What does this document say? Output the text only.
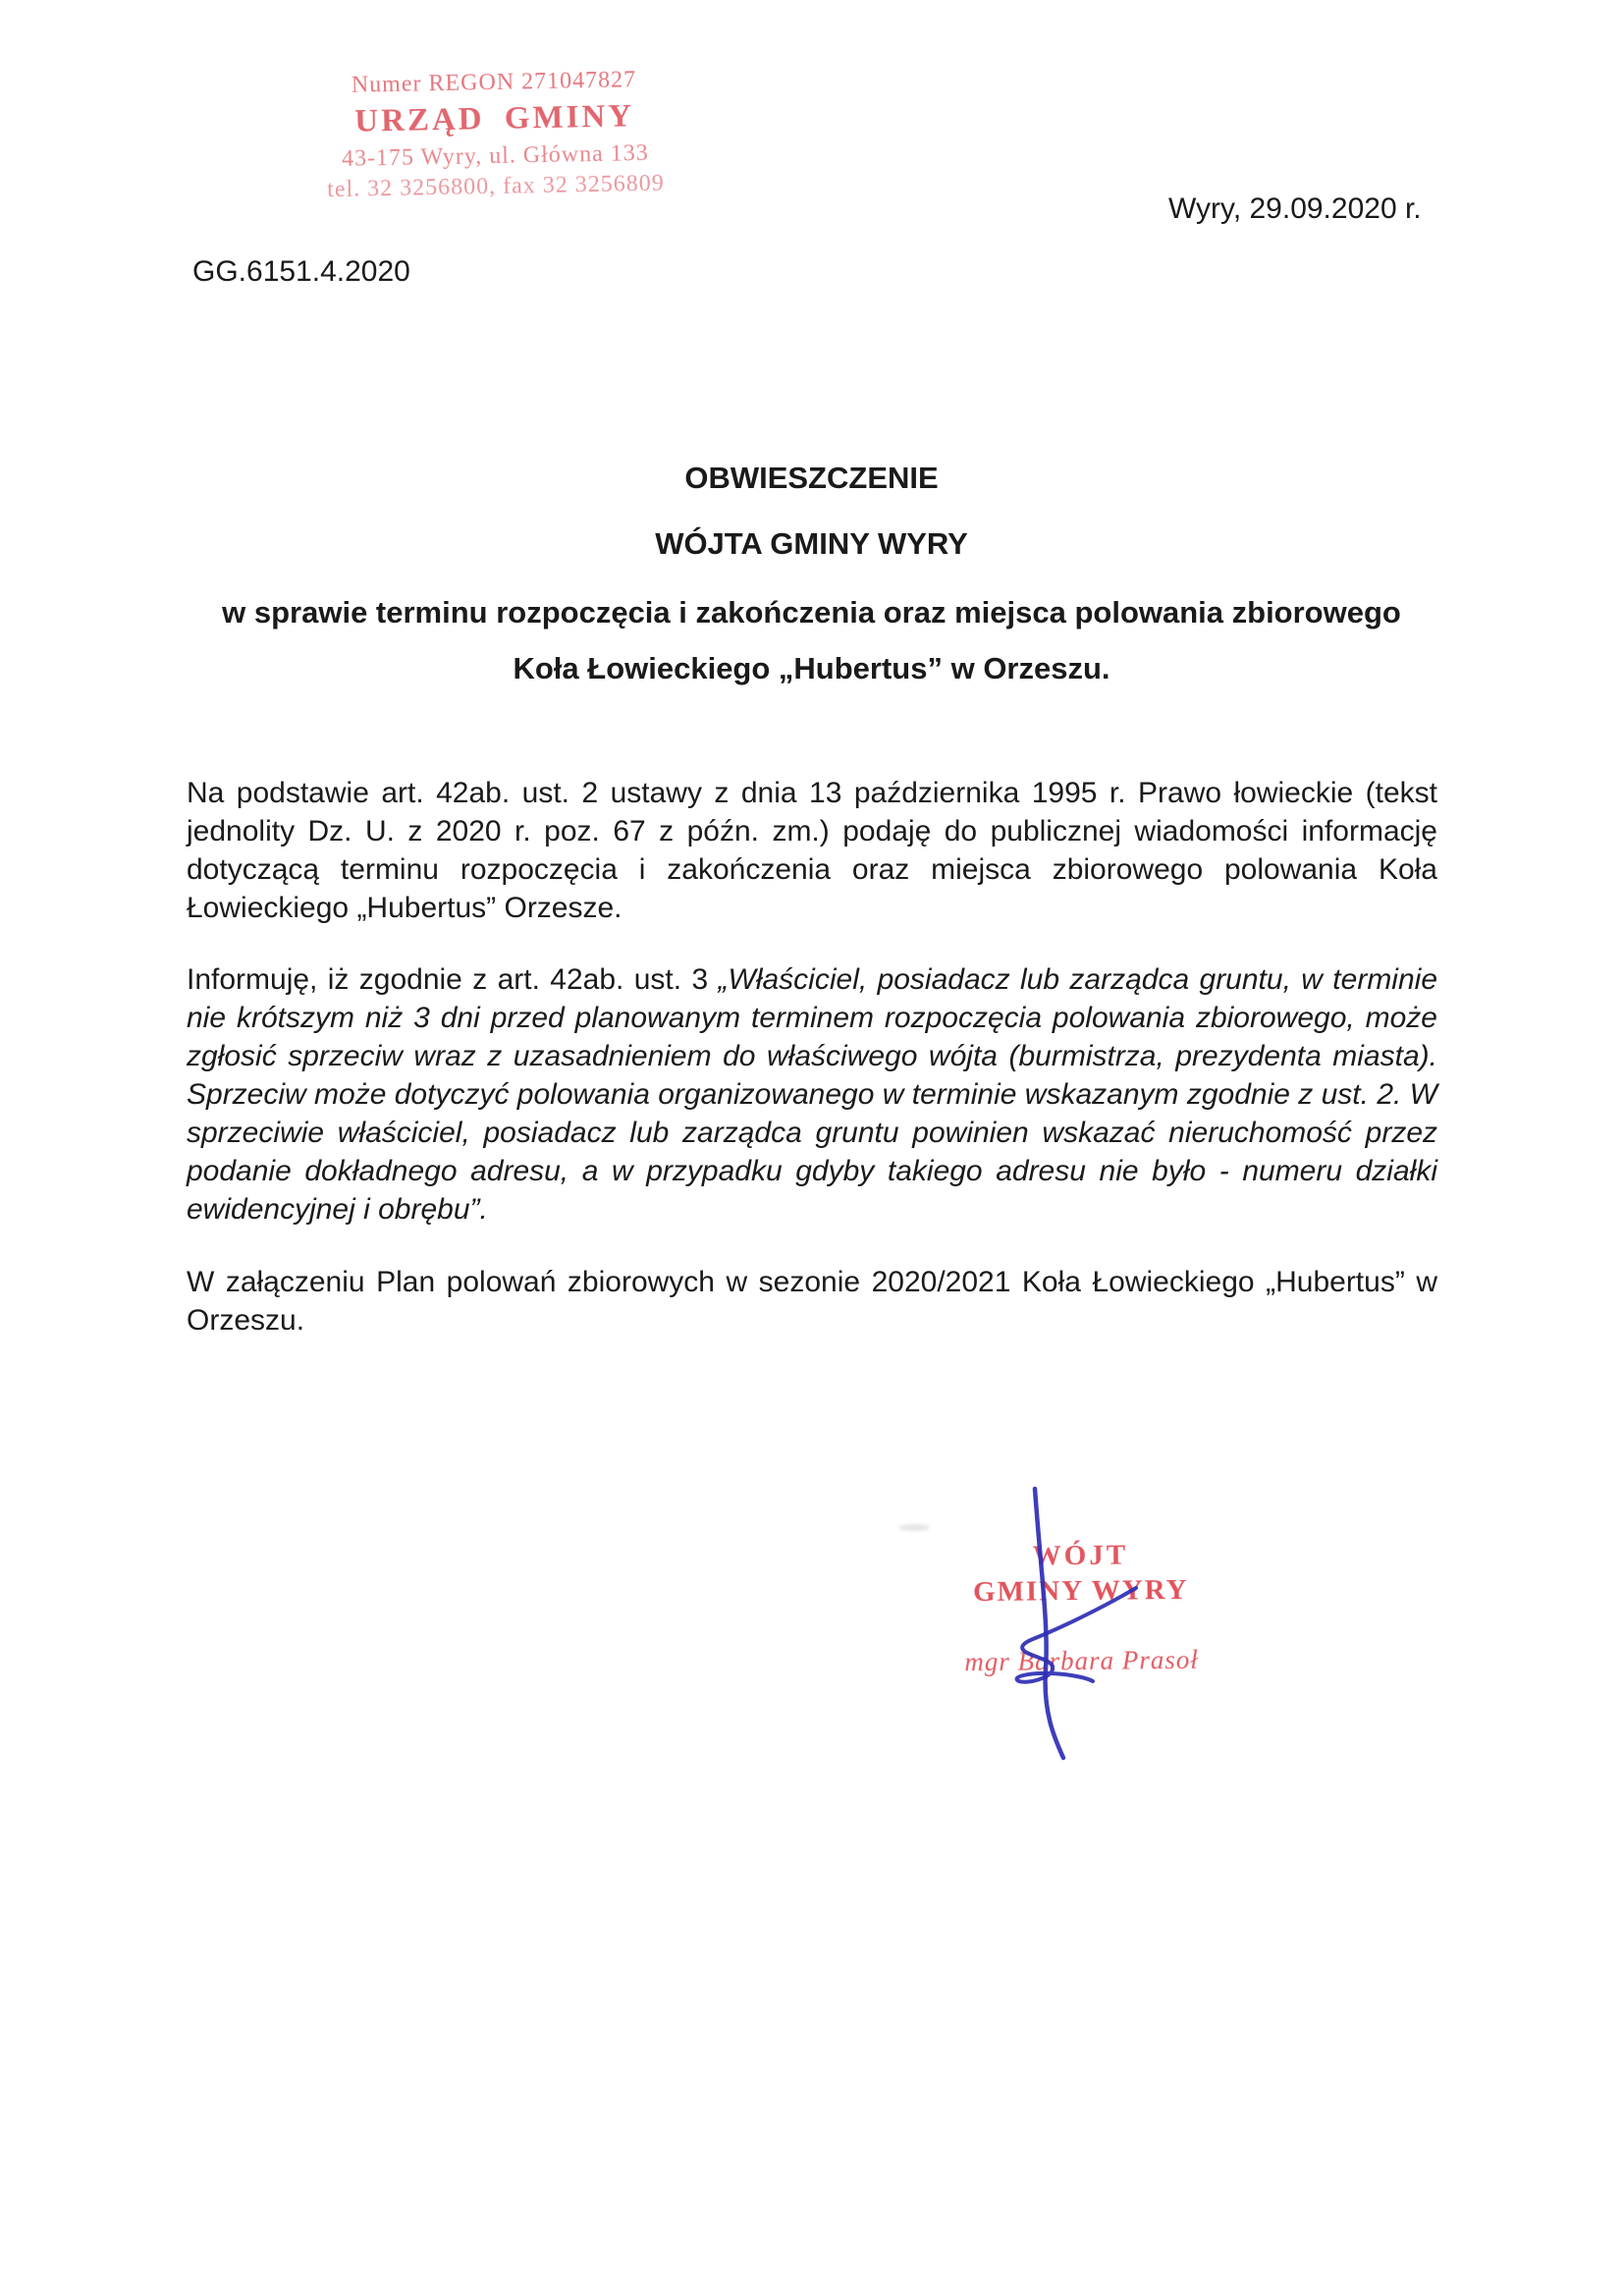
Numer REGON 271047827
URZĄD GMINY
43-175 Wyry, ul. Główna 133
tel. 32 3256800, fax 32 3256809
Wyry, 29.09.2020 r.
GG.6151.4.2020
OBWIESZCZENIE
WÓJTA GMINY WYRY
w sprawie terminu rozpoczęcia i zakończenia oraz miejsca polowania zbiorowego
Koła Łowieckiego „Hubertus” w Orzeszu.
Na podstawie art. 42ab. ust. 2 ustawy z dnia 13 października 1995 r. Prawo łowieckie (tekst jednolity Dz. U. z 2020 r. poz. 67 z późn. zm.) podaję do publicznej wiadomości informację dotyczącą terminu rozpoczęcia i zakończenia oraz miejsca zbiorowego polowania Koła Łowieckiego „Hubertus” Orzesze.
Informuję, iż zgodnie z art. 42ab. ust. 3 „Właściciel, posiadacz lub zarządca gruntu, w terminie nie krótszym niż 3 dni przed planowanym terminem rozpoczęcia polowania zbiorowego, może zgłosić sprzeciw wraz z uzasadnieniem do właściwego wójta (burmistrza, prezydenta miasta). Sprzeciw może dotyczyć polowania organizowanego w terminie wskazanym zgodnie z ust. 2. W sprzeciwie właściciel, posiadacz lub zarządca gruntu powinien wskazać nieruchomość przez podanie dokładnego adresu, a w przypadku gdyby takiego adresu nie było - numeru działki ewidencyjnej i obrębu”.
W załączeniu Plan polowań zbiorowych w sezonie 2020/2021 Koła Łowieckiego „Hubertus” w Orzeszu.
WÓJT
GMINY WYRY
mgr Barbara Prasoł
